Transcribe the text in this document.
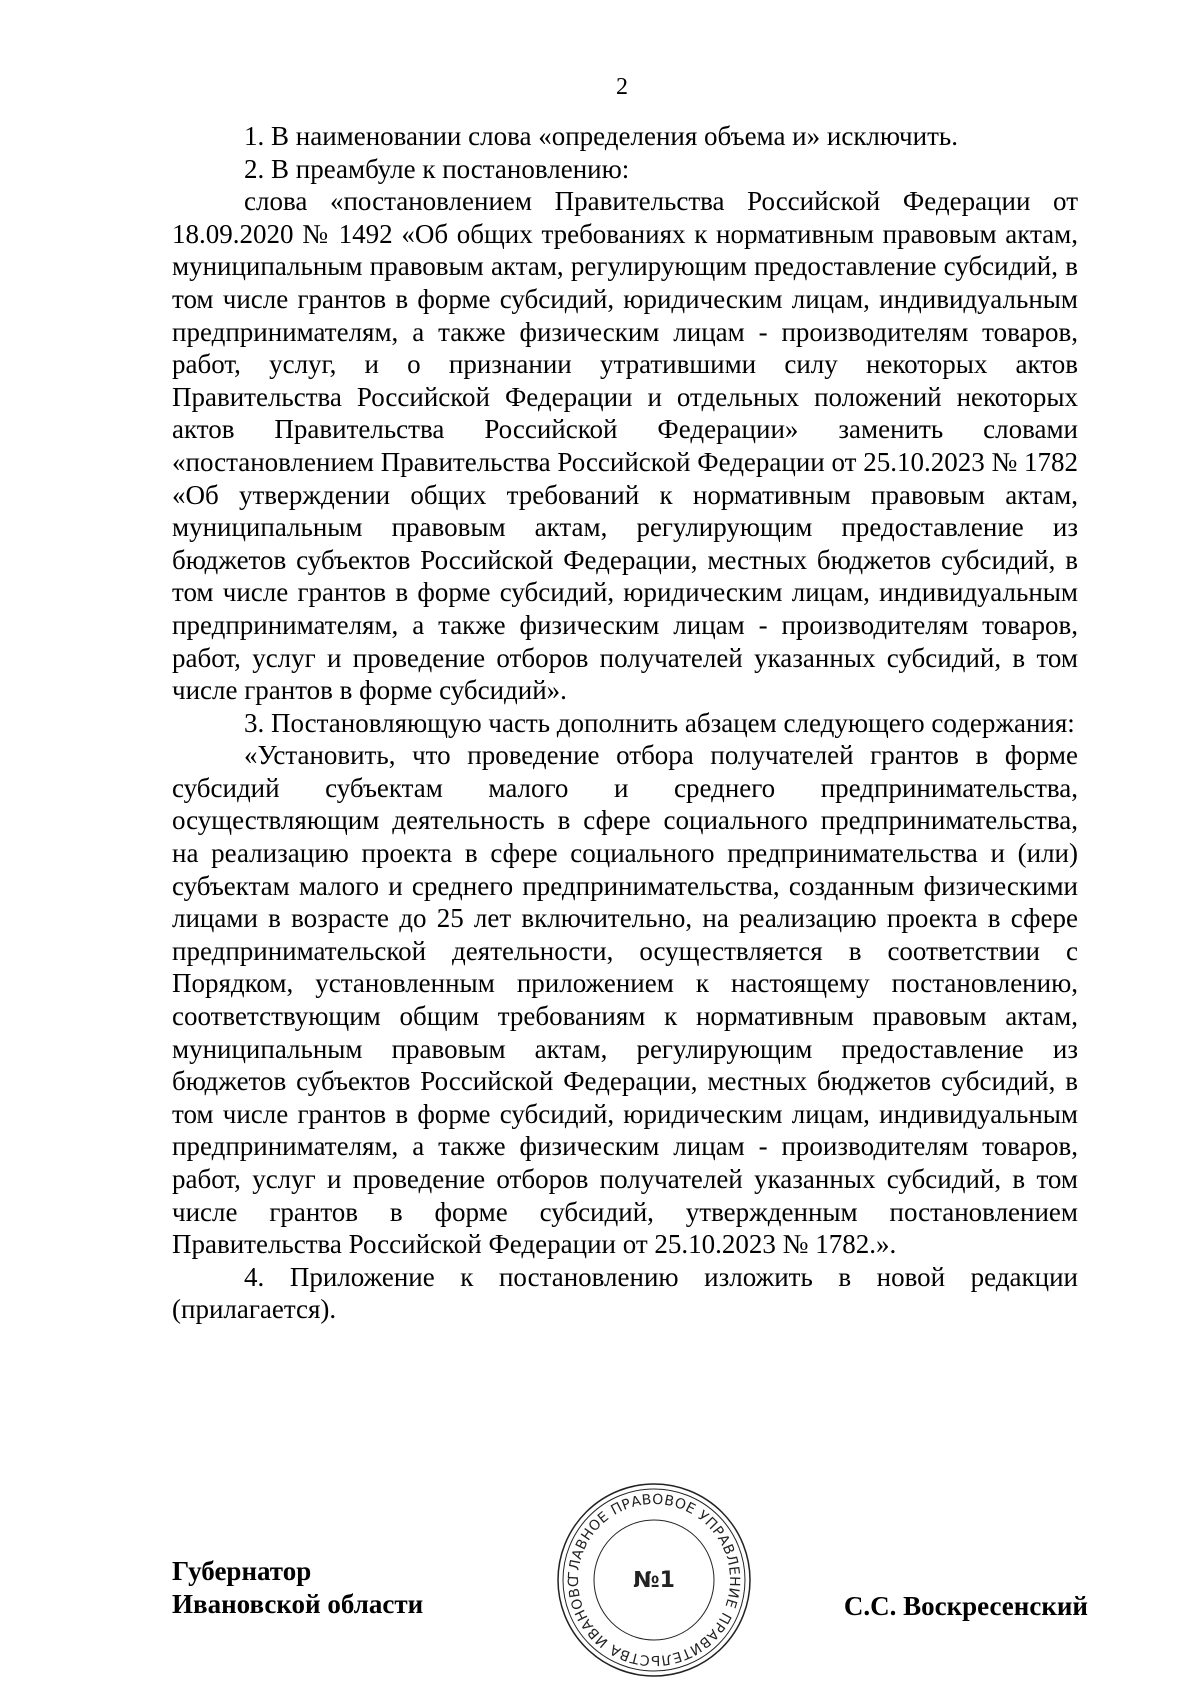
2

1. В наименовании слова «определения объема и» исключить.

2. В преамбуле к постановлению:

слова «постановлением Правительства Российской Федерации от 18.09.2020 № 1492 «Об общих требованиях к нормативным правовым актам, муниципальным правовым актам, регулирующим предоставление субсидий, в том числе грантов в форме субсидий, юридическим лицам, индивидуальным предпринимателям, а также физическим лицам - производителям товаров, работ, услуг, и о признании утратившими силу некоторых актов Правительства Российской Федерации и отдельных положений некоторых актов Правительства Российской Федерации» заменить словами «постановлением Правительства Российской Федерации от 25.10.2023 № 1782 «Об утверждении общих требований к нормативным правовым актам, муниципальным правовым актам, регулирующим предоставление из бюджетов субъектов Российской Федерации, местных бюджетов субсидий, в том числе грантов в форме субсидий, юридическим лицам, индивидуальным предпринимателям, а также физическим лицам - производителям товаров, работ, услуг и проведение отборов получателей указанных субсидий, в том числе грантов в форме субсидий».

3. Постановляющую часть дополнить абзацем следующего содержания:

«Установить, что проведение отбора получателей грантов в форме субсидий субъектам малого и среднего предпринимательства, осуществляющим деятельность в сфере социального предпринимательства, на реализацию проекта в сфере социального предпринимательства и (или) субъектам малого и среднего предпринимательства, созданным физическими лицами в возрасте до 25 лет включительно, на реализацию проекта в сфере предпринимательской деятельности, осуществляется в соответствии с Порядком, установленным приложением к настоящему постановлению, соответствующим общим требованиям к нормативным правовым актам, муниципальным правовым актам, регулирующим предоставление из бюджетов субъектов Российской Федерации, местных бюджетов субсидий, в том числе грантов в форме субсидий, юридическим лицам, индивидуальным предпринимателям, а также физическим лицам - производителям товаров, работ, услуг и проведение отборов получателей указанных субсидий, в том числе грантов в форме субсидий, утвержденным постановлением Правительства Российской Федерации от 25.10.2023 № 1782.».

4. Приложение к постановлению изложить в новой редакции (прилагается).

Губернатор
Ивановской области
ГЛАВНОЕ ПРАВОВОЕ УПРАВЛЕНИЕ ПРАВИТЕЛЬСТВА ИВАНОВС	№1
С.С. Воскресенский
